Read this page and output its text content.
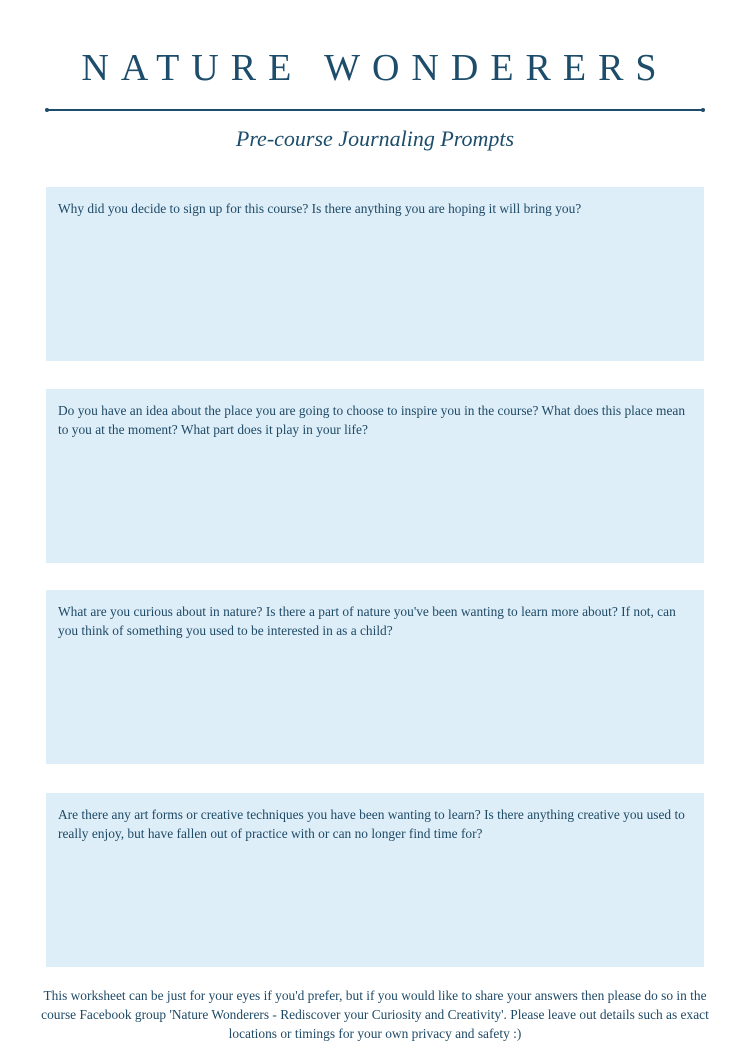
NATURE WONDERERS
Pre-course Journaling Prompts
Why did you decide to sign up for this course? Is there anything you are hoping it will bring you?
Do you have an idea about the place you are going to choose to inspire you in the course? What does this place mean to you at the moment? What part does it play in your life?
What are you curious about in nature? Is there a part of nature you've been wanting to learn more about? If not, can you think of something you used to be interested in as a child?
Are there any art forms or creative techniques you have been wanting to learn? Is there anything creative you used to really enjoy, but have fallen out of practice with or can no longer find time for?
This worksheet can be just for your eyes if you'd prefer, but if you would like to share your answers then please do so in the course Facebook group 'Nature Wonderers - Rediscover your Curiosity and Creativity'. Please leave out details such as exact locations or timings for your own privacy and safety :)
